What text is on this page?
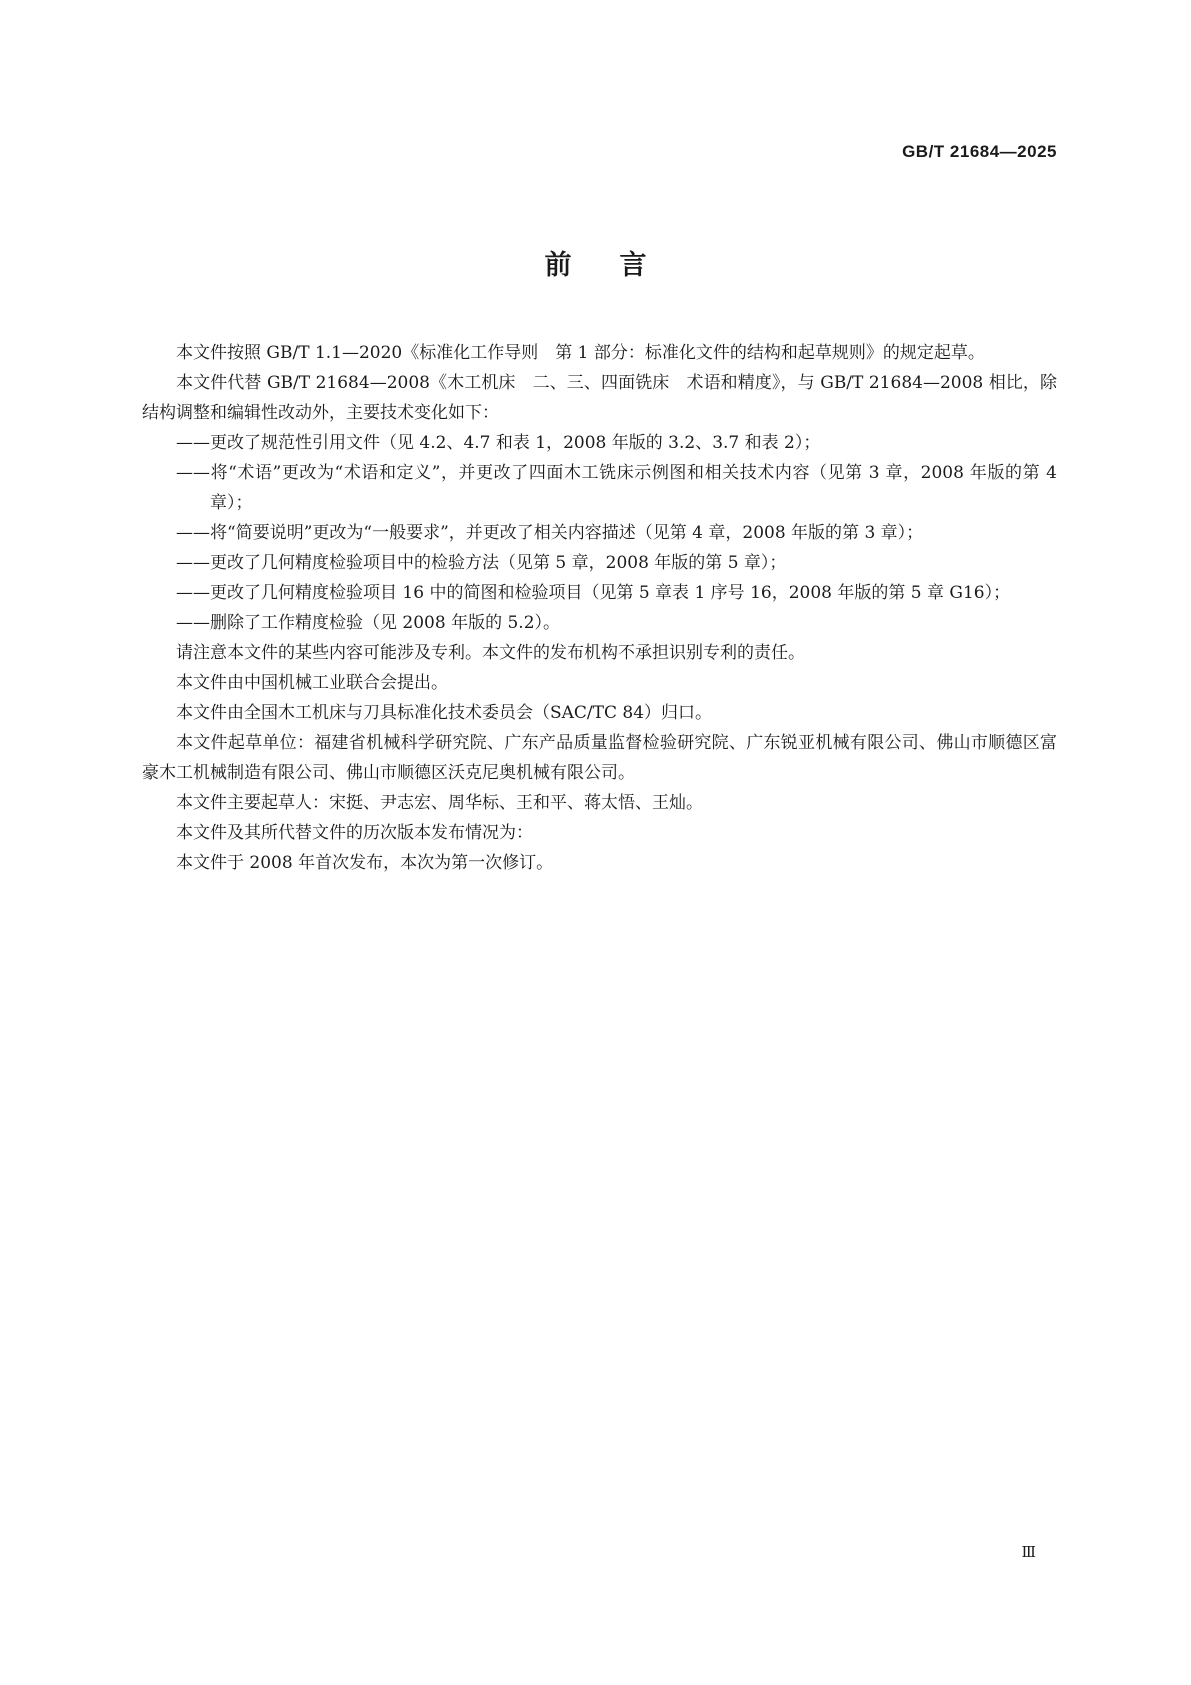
GB/T 21684—2025
前言

本文件按照 GB/T 1.1—2020《标准化工作导则　第 1 部分：标准化文件的结构和起草规则》的规定起草。

本文件代替 GB/T 21684—2008《木工机床　二、三、四面铣床　术语和精度》，与 GB/T 21684—2008 相比，除结构调整和编辑性改动外，主要技术变化如下：

——更改了规范性引用文件（见 4.2、4.7 和表 1，2008 年版的 3.2、3.7 和表 2）；

——将“术语”更改为“术语和定义”，并更改了四面木工铣床示例图和相关技术内容（见第 3 章，2008 年版的第 4 章）；

——将“简要说明”更改为“一般要求”，并更改了相关内容描述（见第 4 章，2008 年版的第 3 章）；

——更改了几何精度检验项目中的检验方法（见第 5 章，2008 年版的第 5 章）；

——更改了几何精度检验项目 16 中的简图和检验项目（见第 5 章表 1 序号 16，2008 年版的第 5 章 G16）；

——删除了工作精度检验（见 2008 年版的 5.2）。

请注意本文件的某些内容可能涉及专利。本文件的发布机构不承担识别专利的责任。

本文件由中国机械工业联合会提出。

本文件由全国木工机床与刀具标准化技术委员会（SAC/TC 84）归口。

本文件起草单位：福建省机械科学研究院、广东产品质量监督检验研究院、广东锐亚机械有限公司、佛山市顺德区富豪木工机械制造有限公司、佛山市顺德区沃克尼奥机械有限公司。

本文件主要起草人：宋挺、尹志宏、周华标、王和平、蒋太悟、王灿。

本文件及其所代替文件的历次版本发布情况为：

本文件于 2008 年首次发布，本次为第一次修订。

Ⅲ
